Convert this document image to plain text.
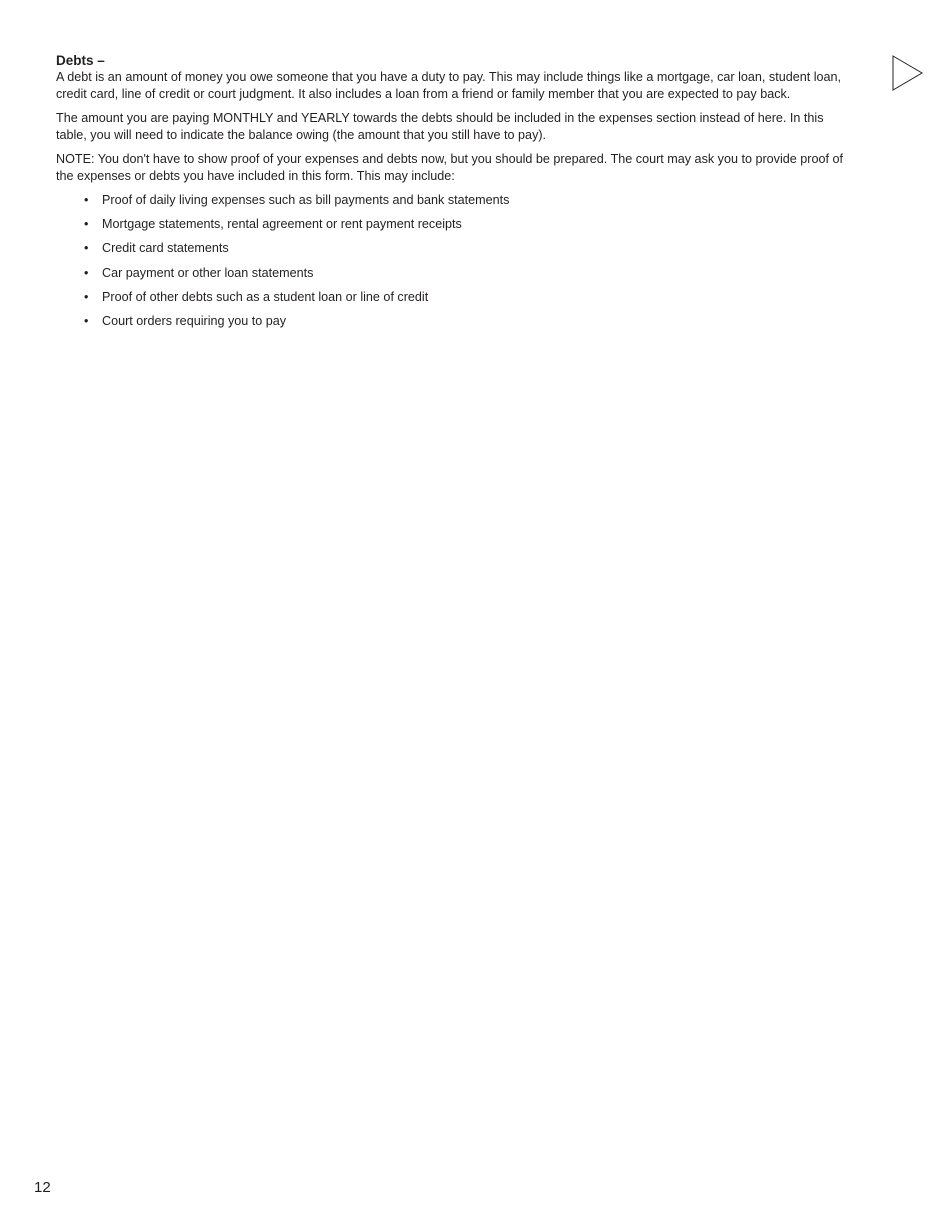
Debts –

A debt is an amount of money you owe someone that you have a duty to pay. This may include things like a mortgage, car loan, student loan, credit card, line of credit or court judgment. It also includes a loan from a friend or family member that you are expected to pay back.

The amount you are paying MONTHLY and YEARLY towards the debts should be included in the expenses section instead of here. In this table, you will need to indicate the balance owing (the amount that you still have to pay).

NOTE: You don't have to show proof of your expenses and debts now, but you should be prepared. The court may ask you to provide proof of the expenses or debts you have included in this form. This may include:

• Proof of daily living expenses such as bill payments and bank statements
• Mortgage statements, rental agreement or rent payment receipts
• Credit card statements
• Car payment or other loan statements
• Proof of other debts such as a student loan or line of credit
• Court orders requiring you to pay
12
